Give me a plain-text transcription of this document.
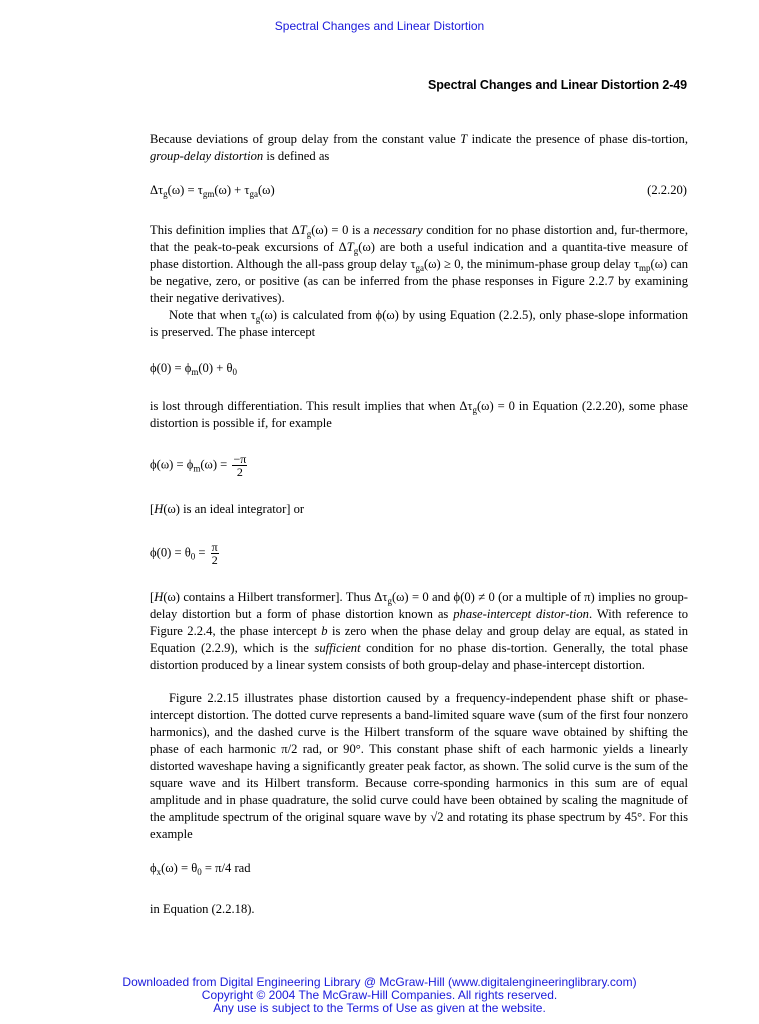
Spectral Changes and Linear Distortion
Spectral Changes and Linear Distortion 2-49

Because deviations of group delay from the constant value T indicate the presence of phase dis-tortion, group-delay distortion is defined as

$\Delta\tau_g(\omega) = \tau_{gm}(\omega) + \tau_{ga}(\omega)$	(2.2.20)

This definition implies that $\Delta T_g(\omega) = 0$ is a necessary condition for no phase distortion and, fur-thermore, that the peak-to-peak excursions of $\Delta T_g(\omega)$ are both a useful indication and a quantita-tive measure of phase distortion. Although the all-pass group delay $\tau_{ga}(\omega) \ge 0$, the minimum-phase group delay $\tau_{mp}(\omega)$ can be negative, zero, or positive (as can be inferred from the phase responses in Figure 2.2.7 by examining their negative derivatives).

Note that when $\tau_g(\omega)$ is calculated from ϕ(ω) by using Equation (2.2.5), only phase-slope information is preserved. The phase intercept

$\phi(0) = \phi_m(0) + \theta_0$

is lost through differentiation. This result implies that when $\Delta\tau_g(\omega) = 0$ in Equation (2.2.20), some phase distortion is possible if, for example

$\phi(\omega) = \phi_m(\omega) = \frac{-\pi}{2}$

[H(ω) is an ideal integrator] or

$\phi(0) = \theta_0 = \frac{\pi}{2}$

[H(ω) contains a Hilbert transformer]. Thus $\Delta\tau_g(\omega) = 0$ and ϕ(0) ≠ 0 (or a multiple of π) implies no group-delay distortion but a form of phase distortion known as phase-intercept distor-tion. With reference to Figure 2.2.4, the phase intercept b is zero when the phase delay and group delay are equal, as stated in Equation (2.2.9), which is the sufficient condition for no phase dis-tortion. Generally, the total phase distortion produced by a linear system consists of both group-delay and phase-intercept distortion.

Figure 2.2.15 illustrates phase distortion caused by a frequency-independent phase shift or phase-intercept distortion. The dotted curve represents a band-limited square wave (sum of the first four nonzero harmonics), and the dashed curve is the Hilbert transform of the square wave obtained by shifting the phase of each harmonic π/2 rad, or 90°. This constant phase shift of each harmonic yields a linearly distorted waveshape having a significantly greater peak factor, as shown. The solid curve is the sum of the square wave and its Hilbert transform. Because corre-sponding harmonics in this sum are of equal amplitude and in phase quadrature, the solid curve could have been obtained by scaling the magnitude of the amplitude spectrum of the original square wave by √2 and rotating its phase spectrum by 45°. For this example

$\phi_x(\omega) = \theta_0 = \pi/4$ rad

in Equation (2.2.18).

Downloaded from Digital Engineering Library @ McGraw-Hill (www.digitalengineeringlibrary.com)
Copyright © 2004 The McGraw-Hill Companies. All rights reserved.
Any use is subject to the Terms of Use as given at the website.
